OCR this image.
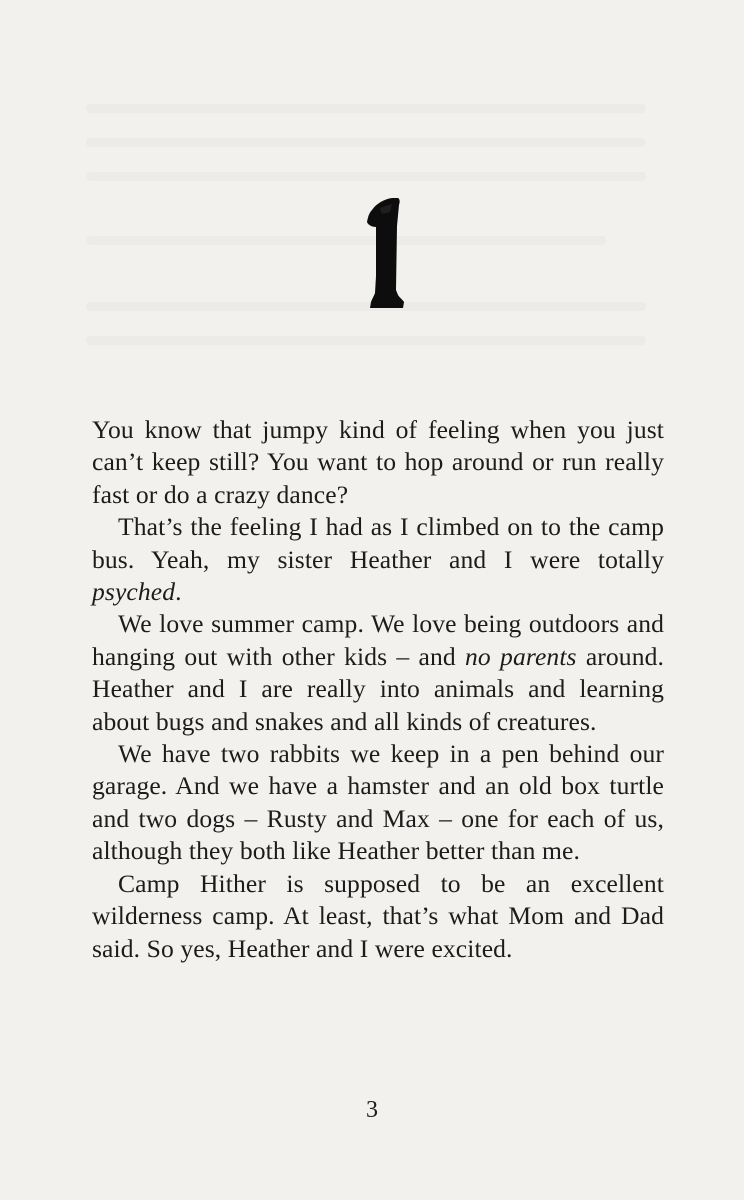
You know that jumpy kind of feeling when you just can’t keep still? You want to hop around or run really fast or do a crazy dance?

That’s the feeling I had as I climbed on to the camp bus. Yeah, my sister Heather and I were totally psyched.

We love summer camp. We love being outdoors and hanging out with other kids – and no parents around. Heather and I are really into animals and learning about bugs and snakes and all kinds of creatures.

We have two rabbits we keep in a pen behind our garage. And we have a hamster and an old box turtle and two dogs – Rusty and Max – one for each of us, although they both like Heather better than me.

Camp Hither is supposed to be an excellent wilderness camp. At least, that’s what Mom and Dad said. So yes, Heather and I were excited.

3
